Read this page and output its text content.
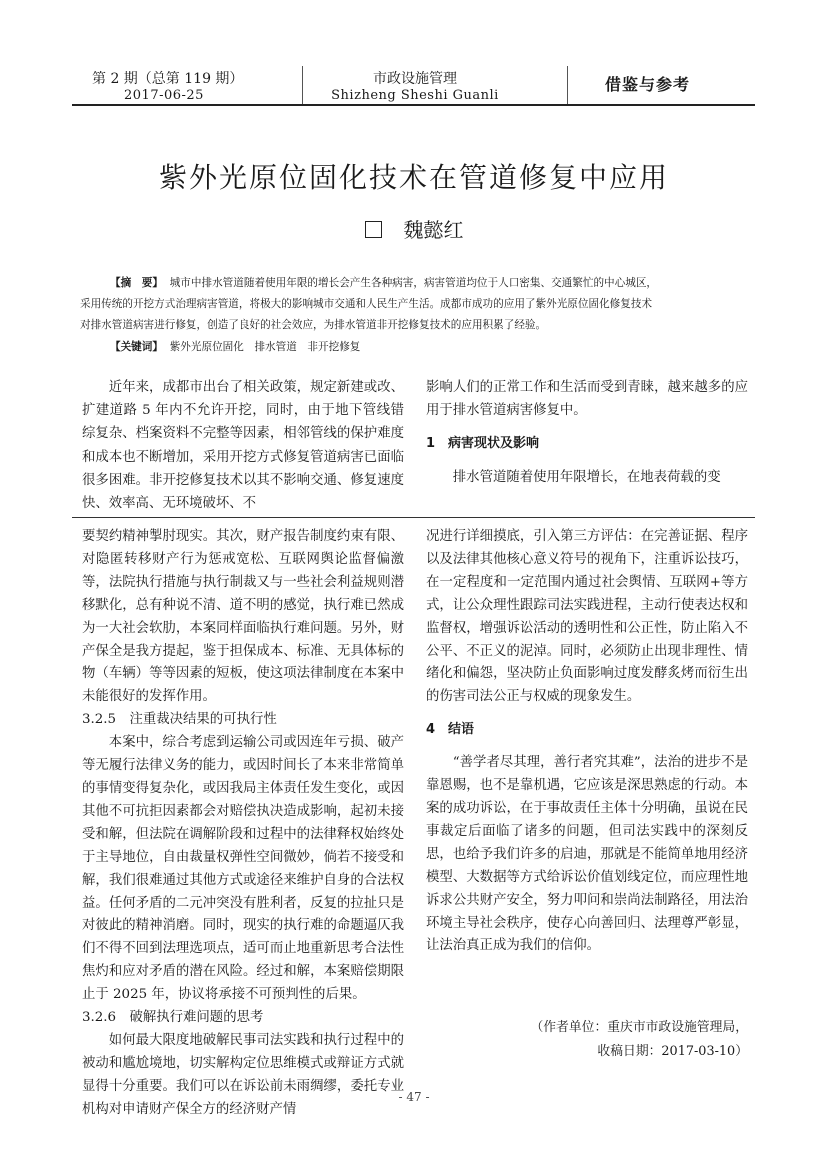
第 2 期（总第 119 期）
2017-06-25
市政设施管理
Shizheng Sheshi Guanli
借鉴与参考
紫外光原位固化技术在管道修复中应用
魏懿红
【摘　要】 城市中排水管道随着使用年限的增长会产生各种病害，病害管道均位于人口密集、交通繁忙的中心城区，
采用传统的开挖方式治理病害管道，将极大的影响城市交通和人民生产生活。成都市成功的应用了紫外光原位固化修复技术
对排水管道病害进行修复，创造了良好的社会效应，为排水管道非开挖修复技术的应用积累了经验。
【关键词】 紫外光原位固化　排水管道　非开挖修复

近年来，成都市出台了相关政策，规定新建或改、扩建道路 5 年内不允许开挖，同时，由于地下管线错综复杂、档案资料不完整等因素，相邻管线的保护难度和成本也不断增加，采用开挖方式修复管道病害已面临很多困难。非开挖修复技术以其不影响交通、修复速度快、效率高、无环境破坏、不

影响人们的正常工作和生活而受到青睐，越来越多的应用于排水管道病害修复中。

1　病害现状及影响

排水管道随着使用年限增长，在地表荷载的变

要契约精神掣肘现实。其次，财产报告制度约束有限、对隐匿转移财产行为惩戒宽松、互联网舆论监督偏激等，法院执行措施与执行制裁又与一些社会利益规则潜移默化，总有种说不清、道不明的感觉，执行难已然成为一大社会软肋，本案同样面临执行难问题。另外，财产保全是我方提起，鉴于担保成本、标准、无具体标的物（车辆）等等因素的短板，使这项法律制度在本案中未能很好的发挥作用。

3.2.5　注重裁决结果的可执行性

本案中，综合考虑到运输公司或因连年亏损、破产等无履行法律义务的能力，或因时间长了本来非常简单的事情变得复杂化，或因我局主体责任发生变化，或因其他不可抗拒因素都会对赔偿执决造成影响，起初未接受和解，但法院在调解阶段和过程中的法律释权始终处于主导地位，自由裁量权弹性空间微妙，倘若不接受和解，我们很难通过其他方式或途径来维护自身的合法权益。任何矛盾的二元冲突没有胜利者，反复的拉扯只是对彼此的精神消磨。同时，现实的执行难的命题逼仄我们不得不回到法理选项点，适可而止地重新思考合法性焦灼和应对矛盾的潜在风险。经过和解，本案赔偿期限止于 2025 年，协议将承接不可预判性的后果。

3.2.6　破解执行难问题的思考

如何最大限度地破解民事司法实践和执行过程中的被动和尴尬境地，切实解构定位思维模式或辩证方式就显得十分重要。我们可以在诉讼前未雨绸缪，委托专业机构对申请财产保全方的经济财产情

况进行详细摸底，引入第三方评估：在完善证据、程序以及法律其他核心意义符号的视角下，注重诉讼技巧，在一定程度和一定范围内通过社会舆情、互联网+等方式，让公众理性跟踪司法实践进程，主动行使表达权和监督权，增强诉讼活动的透明性和公正性，防止陷入不公平、不正义的泥淖。同时，必须防止出现非理性、情绪化和偏怨，坚决防止负面影响过度发酵炙烤而衍生出的伤害司法公正与权威的现象发生。

4　结语

“善学者尽其理，善行者究其难”，法治的进步不是靠恩赐，也不是靠机遇，它应该是深思熟虑的行动。本案的成功诉讼，在于事故责任主体十分明确，虽说在民事裁定后面临了诸多的问题，但司法实践中的深刻反思，也给予我们许多的启迪，那就是不能简单地用经济模型、大数据等方式给诉讼价值划线定位，而应理性地诉求公共财产安全，努力叩问和崇尚法制路径，用法治环境主导社会秩序，使存心向善回归、法理尊严彰显，让法治真正成为我们的信仰。

（作者单位：重庆市市政设施管理局，
收稿日期：2017-03-10）
- 47 -
